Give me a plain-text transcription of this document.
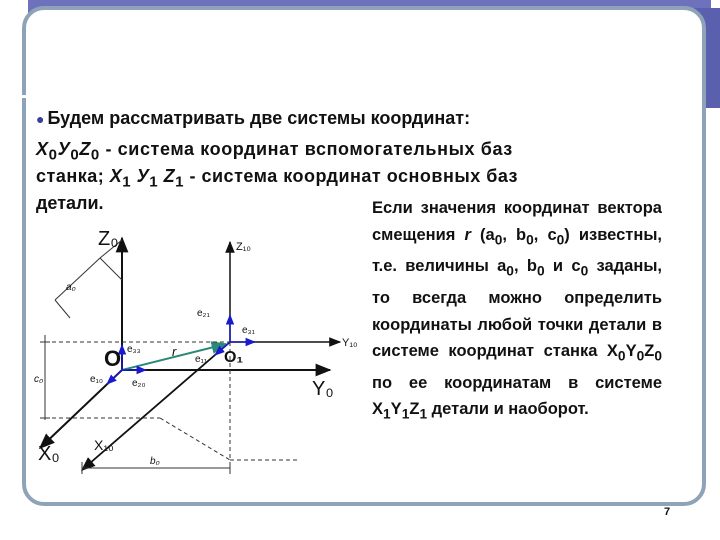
Общая методика расчета
погрешности базирования
● Будем рассматривать две системы координат:
$X_0У_0Z_0$ - система координат вспомогательных баз
станка; $X_1$ $У_1$ $Z_1$ - система координат основных баз
детали.	Если значения координат вектора смещения r ($a_0$, $b_0$, $c_0$) известны, т.е. величины $a_0$, $b_0$ и $c_0$ заданы, то всегда можно определить координаты любой точки детали в системе координат станка $X_0Y_0Z_0$ по ее координатам в системе $X_1Y_1Z_1$ детали и наоборот.
Z₀	Z₁₀
Y₁₀
Y₀
X₀ X₁₀
O	O₁
r
e₂₁
e₃₁
e₃₃
e₁₁
e₁₀	e₂₀
a₀
b₀
c₀
7
